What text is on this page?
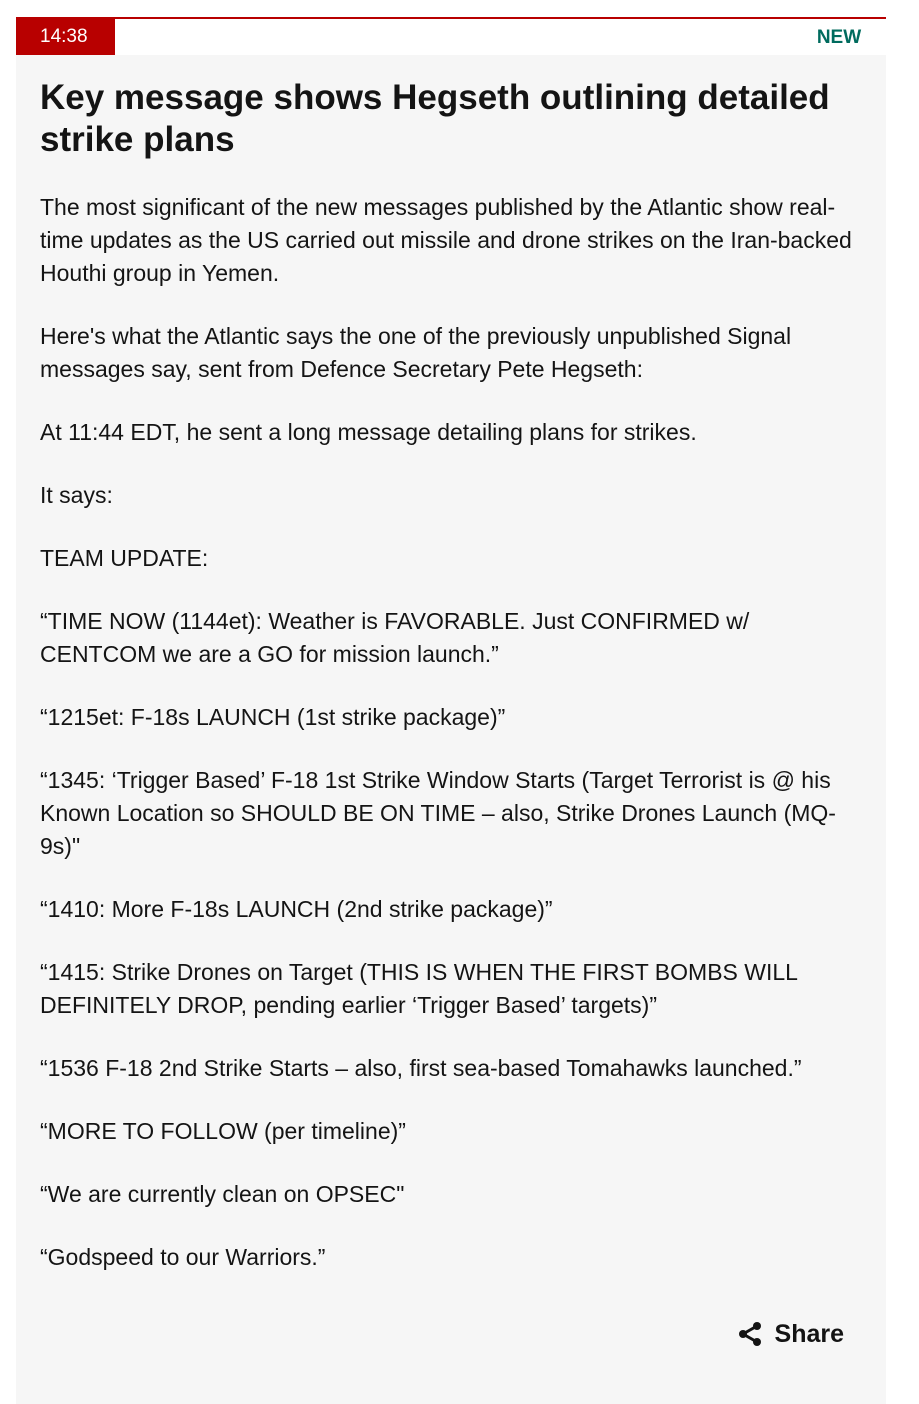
14:38	NEW
Key message shows Hegseth outlining detailed strike plans

The most significant of the new messages published by the Atlantic show real-time updates as the US carried out missile and drone strikes on the Iran-backed Houthi group in Yemen.

Here's what the Atlantic says the one of the previously unpublished Signal messages say, sent from Defence Secretary Pete Hegseth:

At 11:44 EDT, he sent a long message detailing plans for strikes.

It says:

TEAM UPDATE:

“TIME NOW (1144et): Weather is FAVORABLE. Just CONFIRMED w/ CENTCOM we are a GO for mission launch.”

“1215et: F-18s LAUNCH (1st strike package)”

“1345: ‘Trigger Based’ F-18 1st Strike Window Starts (Target Terrorist is @ his Known Location so SHOULD BE ON TIME – also, Strike Drones Launch (MQ-9s)"

“1410: More F-18s LAUNCH (2nd strike package)”

“1415: Strike Drones on Target (THIS IS WHEN THE FIRST BOMBS WILL DEFINITELY DROP, pending earlier ‘Trigger Based’ targets)”

“1536 F-18 2nd Strike Starts – also, first sea-based Tomahawks launched.”

“MORE TO FOLLOW (per timeline)”

“We are currently clean on OPSEC"

“Godspeed to our Warriors.”

Share
